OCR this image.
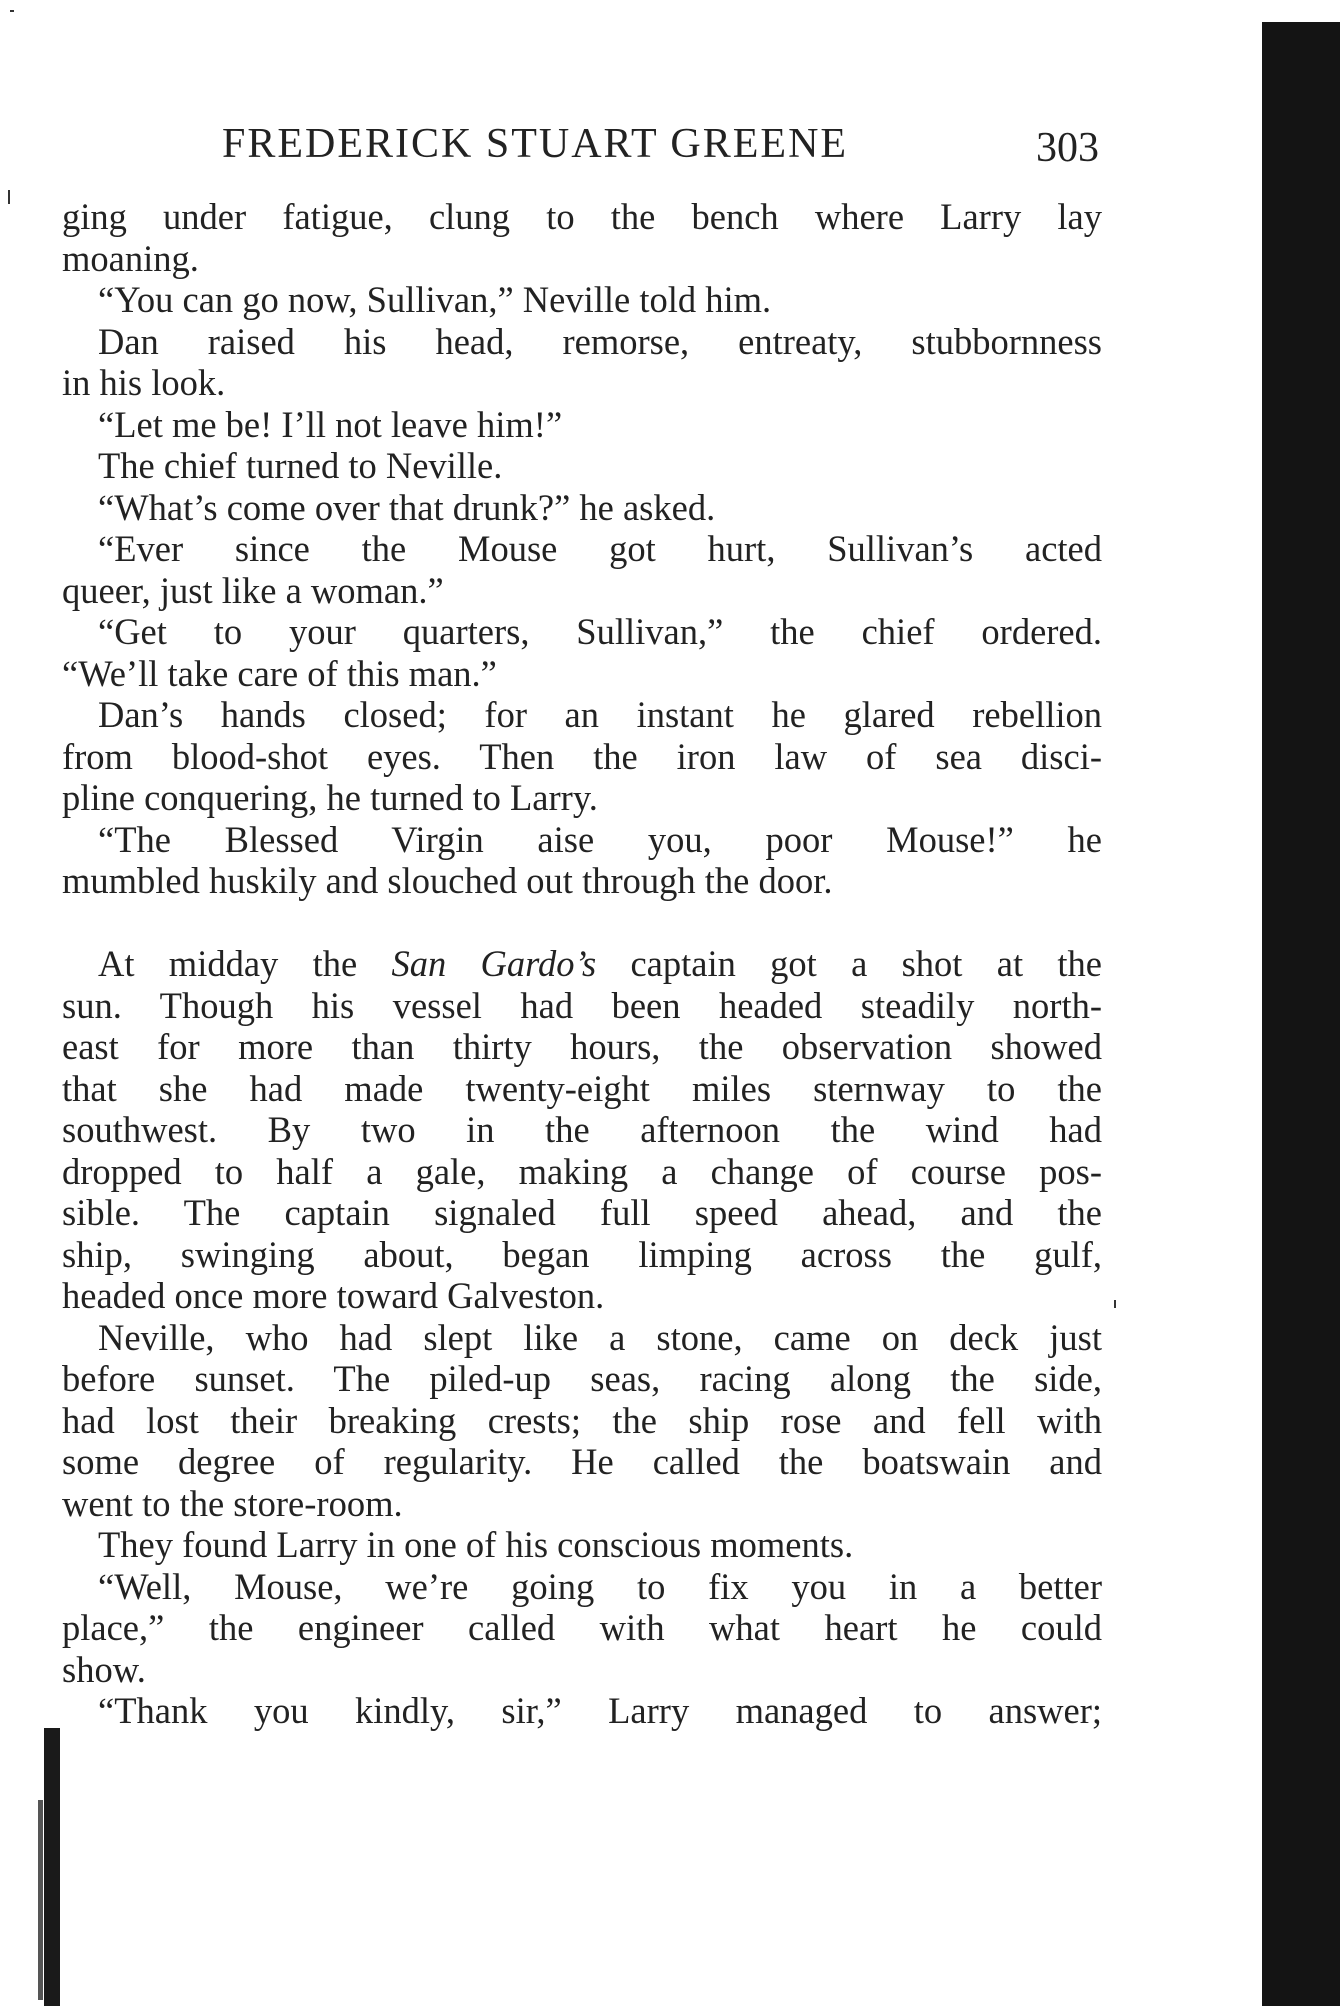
FREDERICK STUART GREENE	303
ging under fatigue, clung to the bench where Larry lay
moaning.
“You can go now, Sullivan,” Neville told him.
Dan raised his head, remorse, entreaty, stubbornness
in his look.
“Let me be! I’ll not leave him!”
The chief turned to Neville.
“What’s come over that drunk?” he asked.
“Ever since the Mouse got hurt, Sullivan’s acted
queer, just like a woman.”
“Get to your quarters, Sullivan,” the chief ordered.
“We’ll take care of this man.”
Dan’s hands closed; for an instant he glared rebellion
from blood-shot eyes. Then the iron law of sea disci-
pline conquering, he turned to Larry.
“The Blessed Virgin aise you, poor Mouse!” he
mumbled huskily and slouched out through the door.
At midday the San Gardo’s captain got a shot at the
sun. Though his vessel had been headed steadily north-
east for more than thirty hours, the observation showed
that she had made twenty-eight miles sternway to the
southwest. By two in the afternoon the wind had
dropped to half a gale, making a change of course pos-
sible. The captain signaled full speed ahead, and the
ship, swinging about, began limping across the gulf,
headed once more toward Galveston.
Neville, who had slept like a stone, came on deck just
before sunset. The piled-up seas, racing along the side,
had lost their breaking crests; the ship rose and fell with
some degree of regularity. He called the boatswain and
went to the store-room.
They found Larry in one of his conscious moments.
“Well, Mouse, we’re going to fix you in a better
place,” the engineer called with what heart he could
show.
“Thank you kindly, sir,” Larry managed to answer;
